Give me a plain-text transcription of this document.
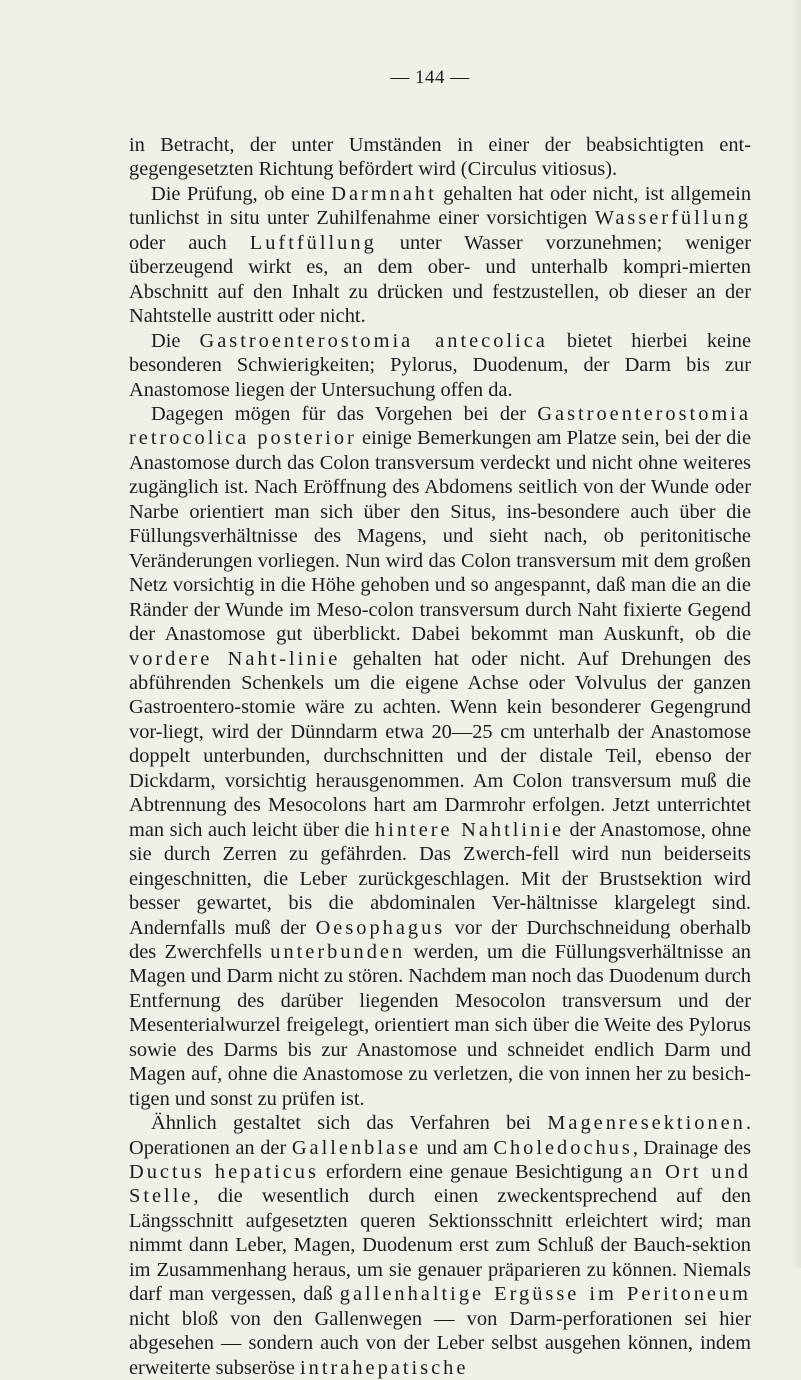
— 144 —

in Betracht, der unter Umständen in einer der beabsichtigten ent-gegengesetzten Richtung befördert wird (Circulus vitiosus).

Die Prüfung, ob eine Darmnaht gehalten hat oder nicht, ist allgemein tunlichst in situ unter Zuhilfenahme einer vorsichtigen Wasserfüllung oder auch Luftfüllung unter Wasser vorzunehmen; weniger überzeugend wirkt es, an dem ober- und unterhalb kompri-mierten Abschnitt auf den Inhalt zu drücken und festzustellen, ob dieser an der Nahtstelle austritt oder nicht.

Die Gastroenterostomia antecolica bietet hierbei keine besonderen Schwierigkeiten; Pylorus, Duodenum, der Darm bis zur Anastomose liegen der Untersuchung offen da.

Dagegen mögen für das Vorgehen bei der Gastroenterostomia retrocolica posterior einige Bemerkungen am Platze sein, bei der die Anastomose durch das Colon transversum verdeckt und nicht ohne weiteres zugänglich ist. Nach Eröffnung des Abdomens seitlich von der Wunde oder Narbe orientiert man sich über den Situs, ins-besondere auch über die Füllungsverhältnisse des Magens, und sieht nach, ob peritonitische Veränderungen vorliegen. Nun wird das Colon transversum mit dem großen Netz vorsichtig in die Höhe gehoben und so angespannt, daß man die an die Ränder der Wunde im Meso-colon transversum durch Naht fixierte Gegend der Anastomose gut überblickt. Dabei bekommt man Auskunft, ob die vordere Naht-linie gehalten hat oder nicht. Auf Drehungen des abführenden Schenkels um die eigene Achse oder Volvulus der ganzen Gastroentero-stomie wäre zu achten. Wenn kein besonderer Gegengrund vor-liegt, wird der Dünndarm etwa 20—25 cm unterhalb der Anastomose doppelt unterbunden, durchschnitten und der distale Teil, ebenso der Dickdarm, vorsichtig herausgenommen. Am Colon transversum muß die Abtrennung des Mesocolons hart am Darmrohr erfolgen. Jetzt unterrichtet man sich auch leicht über die hintere Nahtlinie der Anastomose, ohne sie durch Zerren zu gefährden. Das Zwerch-fell wird nun beiderseits eingeschnitten, die Leber zurückgeschlagen. Mit der Brustsektion wird besser gewartet, bis die abdominalen Ver-hältnisse klargelegt sind. Andernfalls muß der Oesophagus vor der Durchschneidung oberhalb des Zwerchfells unterbunden werden, um die Füllungsverhältnisse an Magen und Darm nicht zu stören. Nachdem man noch das Duodenum durch Entfernung des darüber liegenden Mesocolon transversum und der Mesenterialwurzel freigelegt, orientiert man sich über die Weite des Pylorus sowie des Darms bis zur Anastomose und schneidet endlich Darm und Magen auf, ohne die Anastomose zu verletzen, die von innen her zu besich-tigen und sonst zu prüfen ist.

Ähnlich gestaltet sich das Verfahren bei Magenresektionen. Operationen an der Gallenblase und am Choledochus, Drainage des Ductus hepaticus erfordern eine genaue Besichtigung an Ort und Stelle, die wesentlich durch einen zweckentsprechend auf den Längsschnitt aufgesetzten queren Sektionsschnitt erleichtert wird; man nimmt dann Leber, Magen, Duodenum erst zum Schluß der Bauch-sektion im Zusammenhang heraus, um sie genauer präparieren zu können. Niemals darf man vergessen, daß gallenhaltige Ergüsse im Peritoneum nicht bloß von den Gallenwegen — von Darm-perforationen sei hier abgesehen — sondern auch von der Leber selbst ausgehen können, indem erweiterte subseröse intrahepatische
